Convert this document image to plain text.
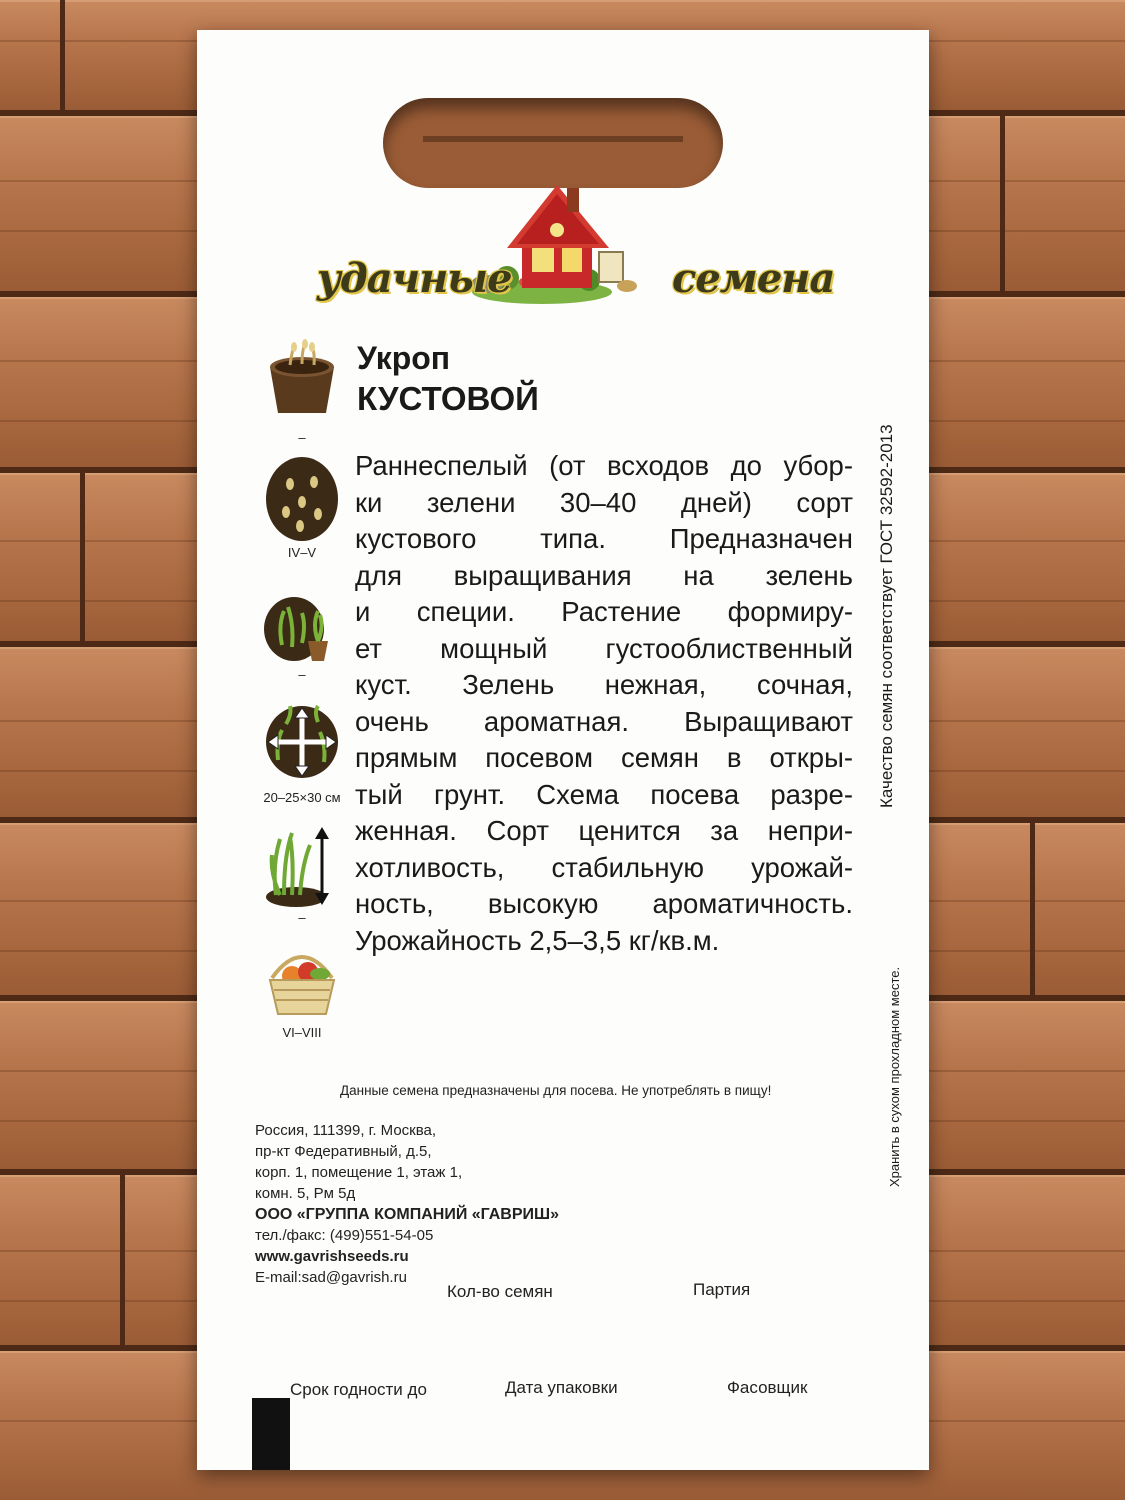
удачные	семена
Укроп
КУСТОВОЙ
Раннеспелый (от всходов до убор-
ки зелени 30–40 дней) сорт
кустового типа. Предназначен
для выращивания на зелень
и специи. Растение формиру-
ет мощный густооблиственный
куст. Зелень нежная, сочная,
очень ароматная. Выращивают
прямым посевом семян в откры-
тый грунт. Схема посева разре-
женная. Сорт ценится за непри-
хотливость, стабильную урожай-
ность, высокую ароматичность.
Урожайность 2,5–3,5 кг/кв.м.
–
IV–V
–
20–25×30 см
–
VI–VIII
Качество семян соответствует ГОСТ 32592-2013
Хранить в сухом прохладном месте.
Данные семена предназначены для посева. Не употреблять в пищу!
Россия, 111399, г. Москва,
пр-кт Федеративный, д.5,
корп. 1, помещение 1, этаж 1,
комн. 5, Рм 5д
ООО «ГРУППА КОМПАНИЙ «ГАВРИШ»
тел./факс: (499)551-54-05
www.gavrishseeds.ru
E-mail:sad@gavrish.ru
Кол-во семян	Партия
Срок годности до	Дата упаковки	Фасовщик
